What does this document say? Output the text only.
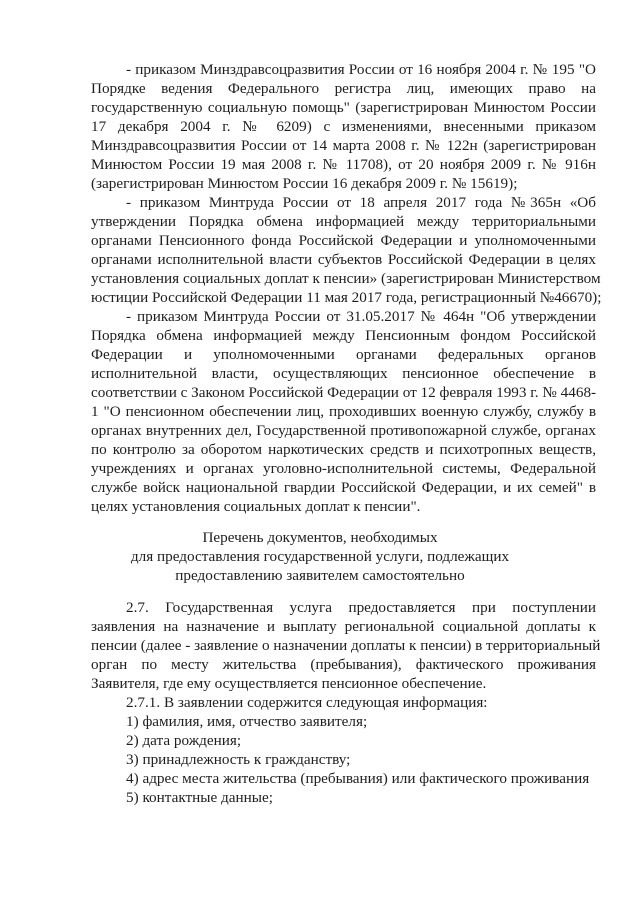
- приказом Минздравсоцразвития России от 16 ноября 2004 г. № 195 "О
Порядке ведения Федерального регистра лиц, имеющих право на
государственную социальную помощь" (зарегистрирован Минюстом России
17 декабря 2004 г. № 6209) с изменениями, внесенными приказом
Минздравсоцразвития России от 14 марта 2008 г. № 122н (зарегистрирован
Минюстом России 19 мая 2008 г. № 11708), от 20 ноября 2009 г. № 916н
(зарегистрирован Минюстом России 16 декабря 2009 г. № 15619);
- приказом Минтруда России от 18 апреля 2017 года №365н «Об
утверждении Порядка обмена информацией между территориальными
органами Пенсионного фонда Российской Федерации и уполномоченными
органами исполнительной власти субъектов Российской Федерации в целях
установления социальных доплат к пенсии» (зарегистрирован Министерством
юстиции Российской Федерации 11 мая 2017 года, регистрационный №46670);
- приказом Минтруда России от 31.05.2017 № 464н "Об утверждении
Порядка обмена информацией между Пенсионным фондом Российской
Федерации и уполномоченными органами федеральных органов
исполнительной власти, осуществляющих пенсионное обеспечение в
соответствии с Законом Российской Федерации от 12 февраля 1993 г. № 4468-
1 "О пенсионном обеспечении лиц, проходивших военную службу, службу в
органах внутренних дел, Государственной противопожарной службе, органах
по контролю за оборотом наркотических средств и психотропных веществ,
учреждениях и органах уголовно-исполнительной системы, Федеральной
службе войск национальной гвардии Российской Федерации, и их семей" в
целях установления социальных доплат к пенсии".
Перечень документов, необходимых
для предоставления государственной услуги, подлежащих
предоставлению заявителем самостоятельно
2.7. Государственная услуга предоставляется при поступлении
заявления на назначение и выплату региональной социальной доплаты к
пенсии (далее - заявление о назначении доплаты к пенсии) в территориальный
орган по месту жительства (пребывания), фактического проживания
Заявителя, где ему осуществляется пенсионное обеспечение.
2.7.1. В заявлении содержится следующая информация:
1) фамилия, имя, отчество заявителя;
2) дата рождения;
3) принадлежность к гражданству;
4) адрес места жительства (пребывания) или фактического проживания
5) контактные данные;
